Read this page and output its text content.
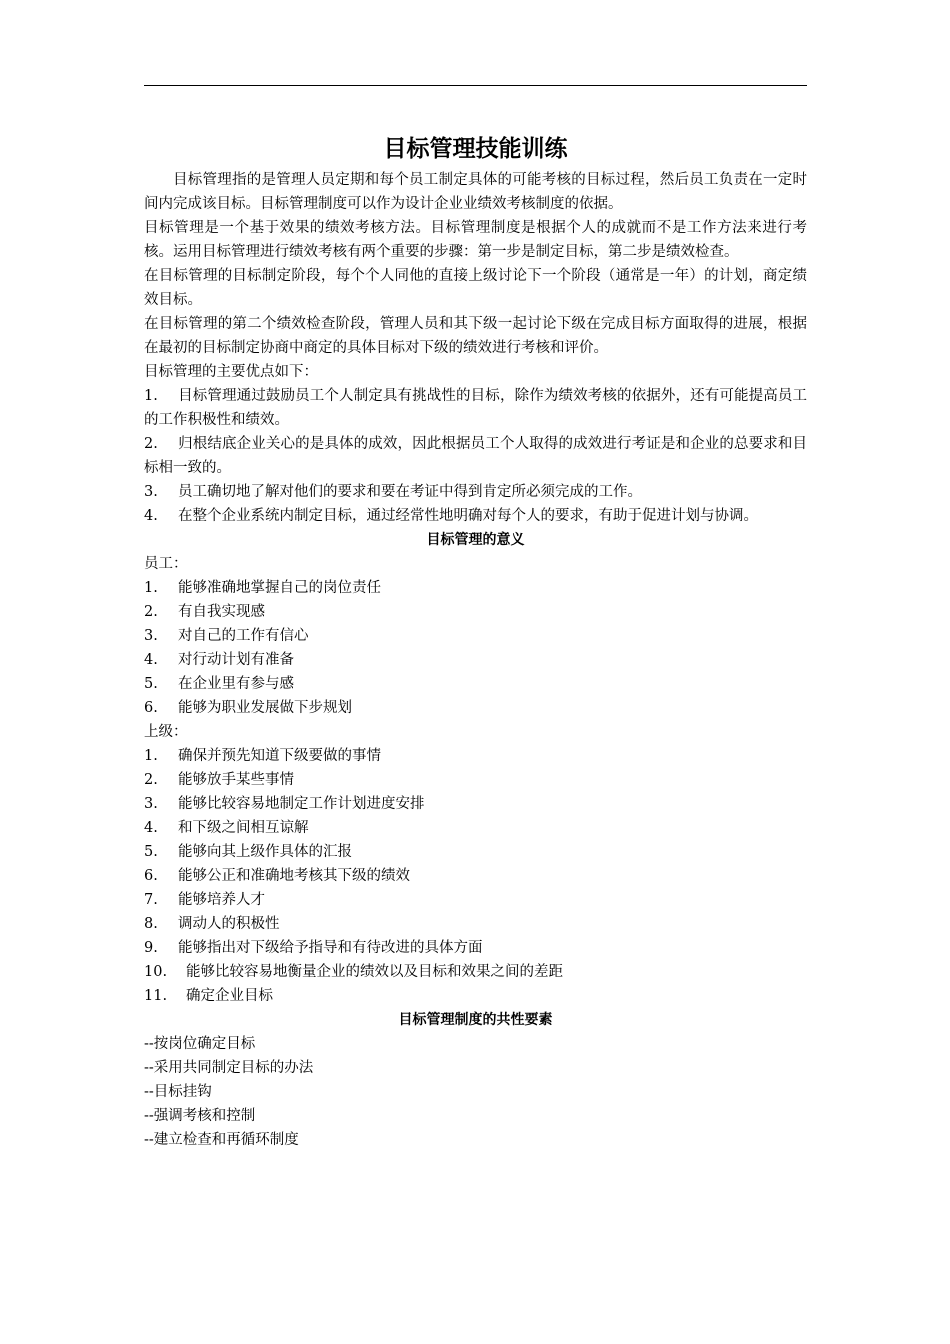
目标管理技能训练

目标管理指的是管理人员定期和每个员工制定具体的可能考核的目标过程，然后员工负责在一定时间内完成该目标。目标管理制度可以作为设计企业业绩效考核制度的依据。

目标管理是一个基于效果的绩效考核方法。目标管理制度是根据个人的成就而不是工作方法来进行考核。运用目标管理进行绩效考核有两个重要的步骤：第一步是制定目标，第二步是绩效检查。

在目标管理的目标制定阶段，每个个人同他的直接上级讨论下一个阶段（通常是一年）的计划，商定绩效目标。

在目标管理的第二个绩效检查阶段，管理人员和其下级一起讨论下级在完成目标方面取得的进展，根据在最初的目标制定协商中商定的具体目标对下级的绩效进行考核和评价。

目标管理的主要优点如下：

1. 目标管理通过鼓励员工个人制定具有挑战性的目标，除作为绩效考核的依据外，还有可能提高员工的工作积极性和绩效。

2. 归根结底企业关心的是具体的成效，因此根据员工个人取得的成效进行考证是和企业的总要求和目标相一致的。

3. 员工确切地了解对他们的要求和要在考证中得到肯定所必须完成的工作。

4. 在整个企业系统内制定目标，通过经常性地明确对每个人的要求，有助于促进计划与协调。

目标管理的意义

员工：

1. 能够准确地掌握自己的岗位责任

2. 有自我实现感

3. 对自己的工作有信心

4. 对行动计划有准备

5. 在企业里有参与感

6. 能够为职业发展做下步规划

上级：

1. 确保并预先知道下级要做的事情

2. 能够放手某些事情

3. 能够比较容易地制定工作计划进度安排

4. 和下级之间相互谅解

5. 能够向其上级作具体的汇报

6. 能够公正和准确地考核其下级的绩效

7. 能够培养人才

8. 调动人的积极性

9. 能够指出对下级给予指导和有待改进的具体方面

10. 能够比较容易地衡量企业的绩效以及目标和效果之间的差距

11. 确定企业目标

目标管理制度的共性要素

--按岗位确定目标

--采用共同制定目标的办法

--目标挂钩

--强调考核和控制

--建立检查和再循环制度
